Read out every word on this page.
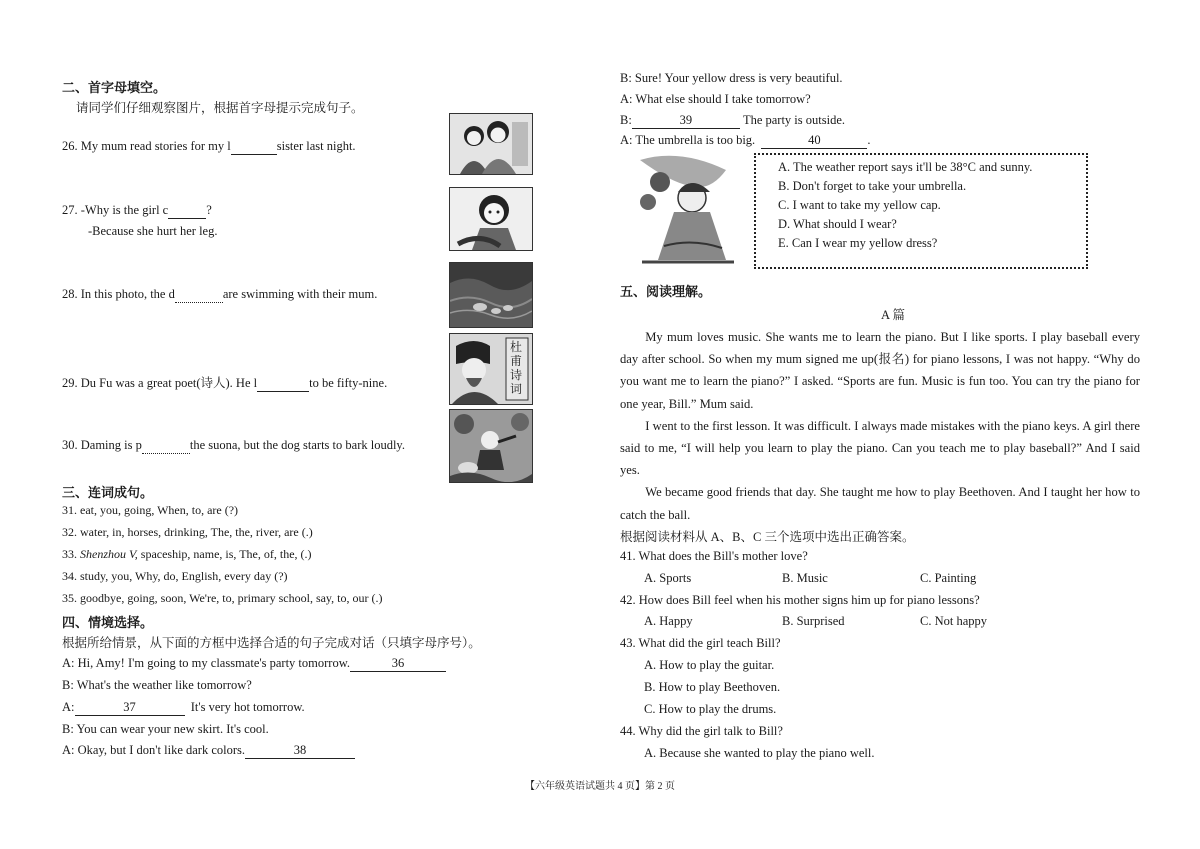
二、首字母填空。
请同学们仔细观察图片，根据首字母提示完成句子。
26. My mum read stories for my l	sister last night.
27. -Why is the girl c	?
-Because she hurt her leg.
28. In this photo, the d	are swimming with their mum.
29. Du Fu was a great poet(诗人). He l	to be fifty-nine.
30. Daming is p	the suona, but the dog starts to bark loudly.
三、连词成句。
31. eat, you, going, When, to, are (?)
32. water, in, horses, drinking, The, the, river, are (.)
33. Shenzhou V, spaceship, name, is, The, of, the, (.)
34. study, you, Why, do, English, every day (?)
35. goodbye, going, soon, We're, to, primary school, say, to, our (.)
四、情境选择。
根据所给情景，从下面的方框中选择合适的句子完成对话（只填字母序号）。
A: Hi, Amy! I'm going to my classmate's party tomorrow.	36
B: What's the weather like tomorrow?
A:	37	It's very hot tomorrow.
B: You can wear your new skirt. It's cool.
A: Okay, but I don't like dark colors.	38
杜甫诗词
B: Sure! Your yellow dress is very beautiful.
A: What else should I take tomorrow?
B:	39	The party is outside.
A: The umbrella is too big.	40	.
A. The weather report says it'll be 38°C and sunny.
B. Don't forget to take your umbrella.
C. I want to take my yellow cap.
D. What should I wear?
E. Can I wear my yellow dress?
五、阅读理解。
A 篇

My mum loves music. She wants me to learn the piano. But I like sports. I play baseball every day after school. So when my mum signed me up(报名) for piano lessons, I was not happy. “Why do you want me to learn the piano?” I asked. “Sports are fun. Music is fun too. You can try the piano for one year, Bill.” Mum said.

I went to the first lesson. It was difficult. I always made mistakes with the piano keys. A girl there said to me, “I will help you learn to play the piano. Can you teach me to play baseball?” And I said yes.

We became good friends that day. She taught me how to play Beethoven. And I taught her how to catch the ball.

根据阅读材料从 A、B、C 三个选项中选出正确答案。
41. What does the Bill's mother love?
A. Sports	B. Music	C. Painting
42. How does Bill feel when his mother signs him up for piano lessons?
A. Happy	B. Surprised	C. Not happy
43. What did the girl teach Bill?
A. How to play the guitar.
B. How to play Beethoven.
C. How to play the drums.
44. Why did the girl talk to Bill?
A. Because she wanted to play the piano well.
【六年级英语试题共 4 页】第 2 页
